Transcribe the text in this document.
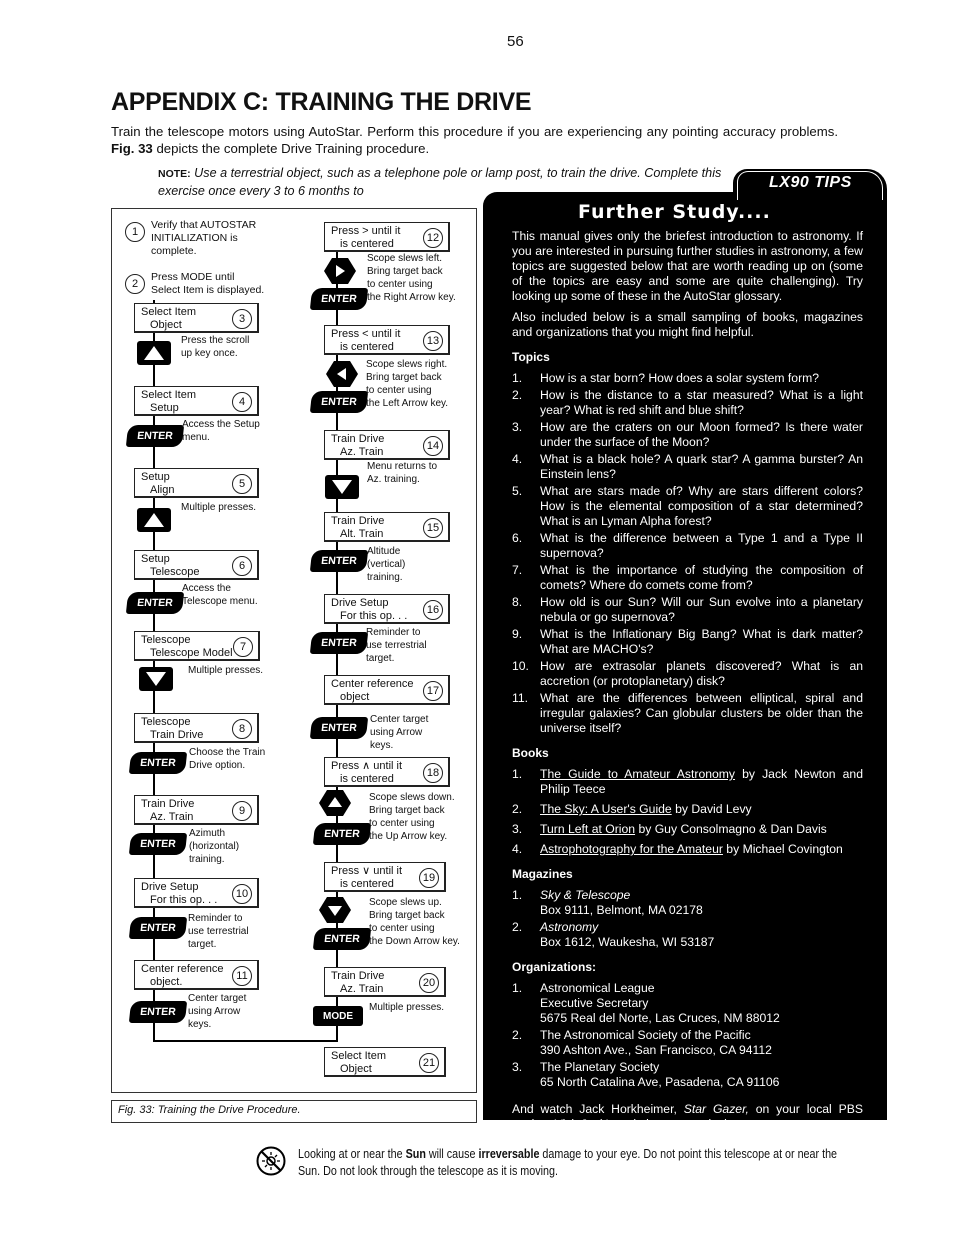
56
APPENDIX C: TRAINING THE DRIVE
Train the telescope motors using AutoStar. Perform this procedure if you are experiencing any pointing accuracy problems. Fig. 33 depicts the complete Drive Training procedure.
NOTE: Use a terrestrial object, such as a telephone pole or lamp post, to train the drive. Complete this exercise once every 3 to 6 months to
Fig. 33: Training the Drive Procedure.
1
2
Verify that AUTOSTAR
INITIALIZATION is
complete.
Press MODE until
Select Item is displayed.
Select Item
Object	3
Select Item
Setup	4
Setup
Align	5
Setup
Telescope	6
Telescope
Telescope Model 7
Telescope
Train Drive	8
Train Drive
Az. Train	9
Drive Setup
For this op. . .	10
Center reference
object.	11
Press > until it
is centered	12
Press < until it
is centered	13
Train Drive
Az. Train	14
Train Drive
Alt. Train	15
Drive Setup
For this op. . .	16
Center reference
object	17
Press ∧ until it
is centered	18
Press ∨ until it
is centered	19
Train Drive
Az. Train	20
Select Item
Object	21
ENTER
ENTER
ENTER
ENTER
ENTER
ENTER
ENTER
ENTER
ENTER
ENTER
ENTER
ENTER
ENTER
MODE
Press the scroll
up key once.
Access the Setup
menu.
Multiple presses.
Access the
Telescope menu.
Multiple presses.
Choose the Train
Drive option.
Azimuth
(horizontal)
training.
Reminder to
use terrestrial
target.
Center target
using Arrow
keys.
Scope slews left.
Bring target back
to center using
the Right Arrow key.
Scope slews right.
Bring target back
to center using
the Left Arrow key.
Menu returns to
Az. training.
Altitude
(vertical)
training.
Reminder to
use terrestrial
target.
Center target
using Arrow
keys.
Scope slews down.
Bring target back
to center using
the Up Arrow key.
Scope slews up.
Bring target back
to center using
the Down Arrow key.
Multiple presses.
LX90 TIPS
Further Study....

This manual gives only the briefest introduction to astronomy. If you are interested in pursuing further studies in astronomy, a few topics are suggested below that are worth reading up on (some of the topics are easy and some are quite challenging). Try looking up some of these in the AutoStar glossary.

Also included below is a small sampling of books, magazines and organizations that you might find helpful.

Topics
1. How is a star born? How does a solar system form?
2. How is the distance to a star measured? What is a light year? What is red shift and blue shift?
3. How are the craters on our Moon formed? Is there water under the surface of the Moon?
4. What is a black hole? A quark star? A gamma burster? An Einstein lens?
5. What are stars made of? Why are stars different colors? How is the elemental composition of a star determined? What is an Lyman Alpha forest?
6. What is the difference between a Type 1 and a Type II supernova?
7. What is the importance of studying the composition of comets? Where do comets come from?
8. How old is our Sun? Will our Sun evolve into a planetary nebula or go supernova?
9. What is the Inflationary Big Bang? What is dark matter? What are MACHO's?
10. How are extrasolar planets discovered? What is an accretion (or protoplanetary) disk?
11. What are the differences between elliptical, spiral and irregular galaxies? Can globular clusters be older than the universe itself?
Books
1. The Guide to Amateur Astronomy by Jack Newton and Philip Teece
2. The Sky: A User's Guide by David Levy
3. Turn Left at Orion by Guy Consolmagno & Dan Davis
4. Astrophotography for the Amateur by Michael Covington
Magazines
1. Sky & Telescope
Box 9111, Belmont, MA 02178
2. Astronomy
Box 1612, Waukesha, WI 53187
Organizations:
1. Astronomical League
Executive Secretary
5675 Real del Norte, Las Cruces, NM 88012
2. The Astronomical Society of the Pacific
390 Ashton Ave., San Francisco, CA 94112
3. The Planetary Society
65 North Catalina Ave, Pasadena, CA 91106

And watch Jack Horkheimer, Star Gazer, on your local PBS station. Visit Jack's website at: www.jackstargazer.com

Looking at or near the Sun will cause irreversable damage to your eye. Do not point this telescope at or near the Sun. Do not look through the telescope as it is moving.
